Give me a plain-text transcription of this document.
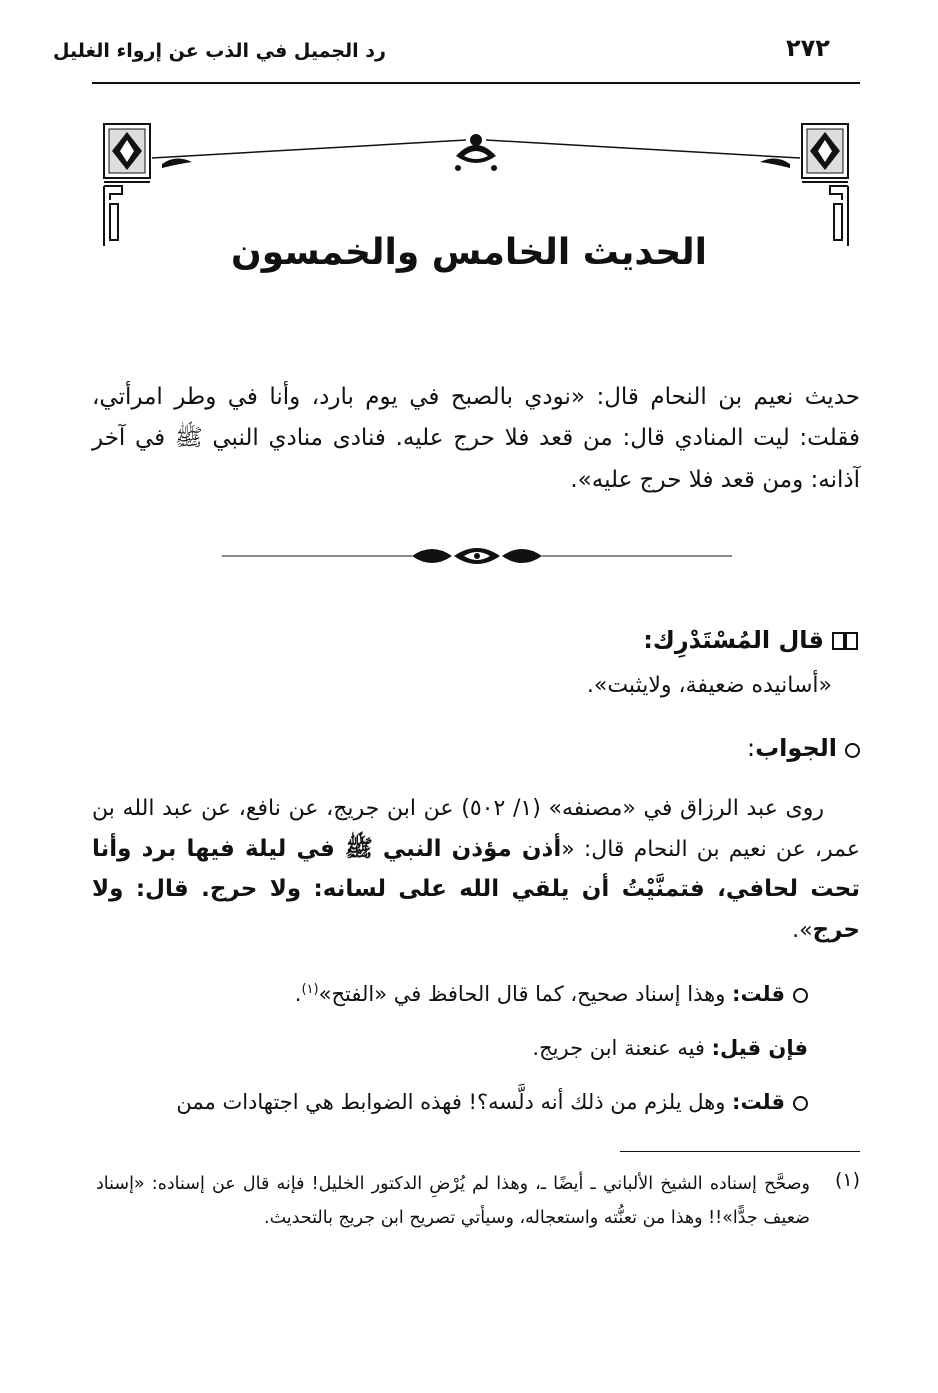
رد الجميل في الذب عن إرواء الغليل	٢٧٢
الحديث الخامس والخمسون
حديث نعيم بن النحام قال: «نودي بالصبح في يوم بارد، وأنا في وطر امرأتي، فقلت: ليت المنادي قال: من قعد فلا حرج عليه. فنادى منادي النبي ﷺ في آخر آذانه: ومن قعد فلا حرج عليه».
قال المُسْتَدْرِك:
«أسانيده ضعيفة، ولايثبت».
الجواب:
روى عبد الرزاق في «مصنفه» (١/ ٥٠٢) عن ابن جريج، عن نافع، عن عبد الله بن عمر، عن نعيم بن النحام قال: «أذن مؤذن النبي ﷺ في ليلة فيها برد وأنا تحت لحافي، فتمنَّيْتُ أن يلقي الله على لسانه: ولا حرج. قال: ولا حرج».
قلت: وهذا إسناد صحيح، كما قال الحافظ في «الفتح»$^{(١)}$.
فإن قيل: فيه عنعنة ابن جريج.
قلت: وهل يلزم من ذلك أنه دلَّسه؟! فهذه الضوابط هي اجتهادات ممن
(١)
وصحَّح إسناده الشيخ الألباني ـ أيضًا ـ، وهذا لم يُرْضِ الدكتور الخليل! فإنه قال عن إسناده: «إسناد ضعيف جدًّا»!! وهذا من تعنُّته واستعجاله، وسيأتي تصريح ابن جريج بالتحديث.
